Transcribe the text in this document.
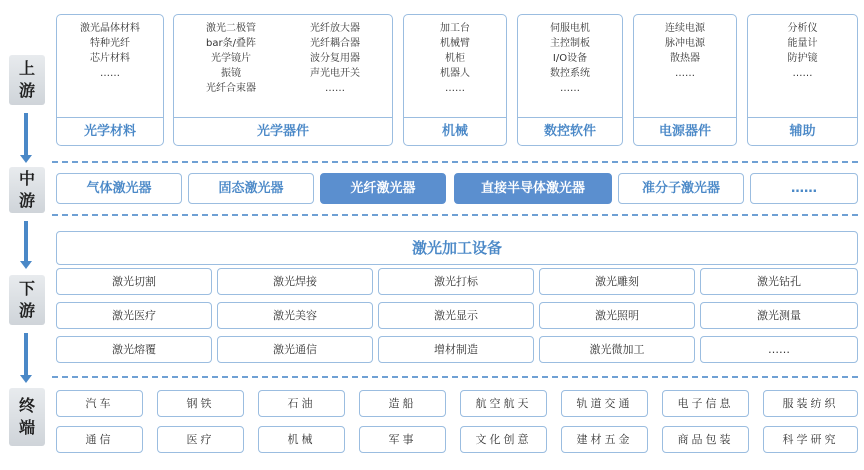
上
游
中
游
下
游
终
端
激光晶体材料
特种光纤
芯片材料
……
光学材料
激光二极管
bar条/叠阵
光学镜片
振镜
光纤合束器
光纤放大器
光纤耦合器
波分复用器
声光电开关
……
光学器件
加工台
机械臂
机柜
机器人
……
机械
伺服电机
主控制板
I/O设备
数控系统
……
数控软件
连续电源
脉冲电源
散热器
……
电源器件
分析仪
能量计
防护镜
……
辅助
气体激光器	固态激光器	光纤激光器	直接半导体激光器	准分子激光器	……
激光加工设备
激光切割	激光焊接	激光打标	激光雕刻	激光钻孔
激光医疗	激光美容	激光显示	激光照明	激光测量
激光熔覆	激光通信	增材制造	激光微加工	……
汽车	钢铁	石油	造船	航空航天	轨道交通	电子信息	服装纺织
通信	医疗	机械	军事	文化创意	建材五金	商品包装	科学研究
